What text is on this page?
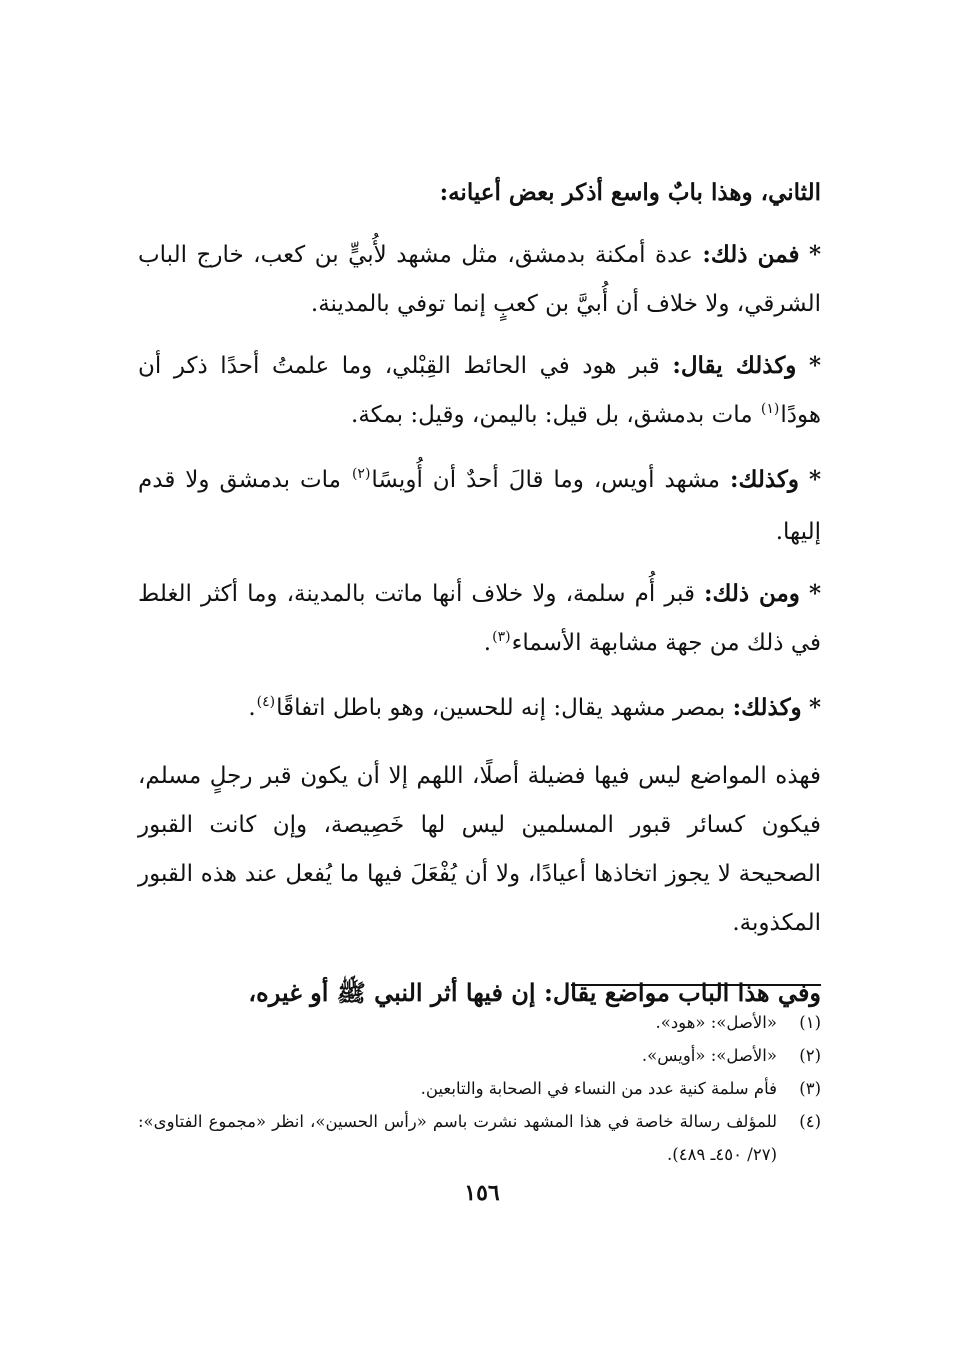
الثاني، وهذا بابٌ واسع أذكر بعض أعيانه:

* فمن ذلك: عدة أمكنة بدمشق، مثل مشهد لأُبيٍّ بن كعب، خارج الباب الشرقي، ولا خلاف أن أُبيَّ بن كعبٍ إنما توفي بالمدينة.

* وكذلك يقال: قبر هود في الحائط القِبْلي، وما علمتُ أحدًا ذكر أن هودًا$^{(١)}$ مات بدمشق، بل قيل: باليمن، وقيل: بمكة.

* وكذلك: مشهد أويس، وما قالَ أحدٌ أن أُويسًا$^{(٢)}$ مات بدمشق ولا قدم إليها.

* ومن ذلك: قبر أُم سلمة، ولا خلاف أنها ماتت بالمدينة، وما أكثر الغلط في ذلك من جهة مشابهة الأسماء$^{(٣)}$.

* وكذلك: بمصر مشهد يقال: إنه للحسين، وهو باطل اتفاقًا$^{(٤)}$.

فهذه المواضع ليس فيها فضيلة أصلًا، اللهم إلا أن يكون قبر رجلٍ مسلم، فيكون كسائر قبور المسلمين ليس لها خَصِيصة، وإن كانت القبور الصحيحة لا يجوز اتخاذها أعيادًا، ولا أن يُفْعَلَ فيها ما يُفعل عند هذه القبور المكذوبة.

وفي هذا الباب مواضع يقال: إن فيها أثر النبي ﷺ أو غيره،

(١)
«الأصل»: «هود».
(٢)
«الأصل»: «أويس».
(٣)
فأم سلمة كنية عدد من النساء في الصحابة والتابعين.
(٤)
للمؤلف رسالة خاصة في هذا المشهد نشرت باسم «رأس الحسين»، انظر «مجموع الفتاوى»: (٢٧/ ٤٥٠ـ ٤٨٩).
١٥٦
